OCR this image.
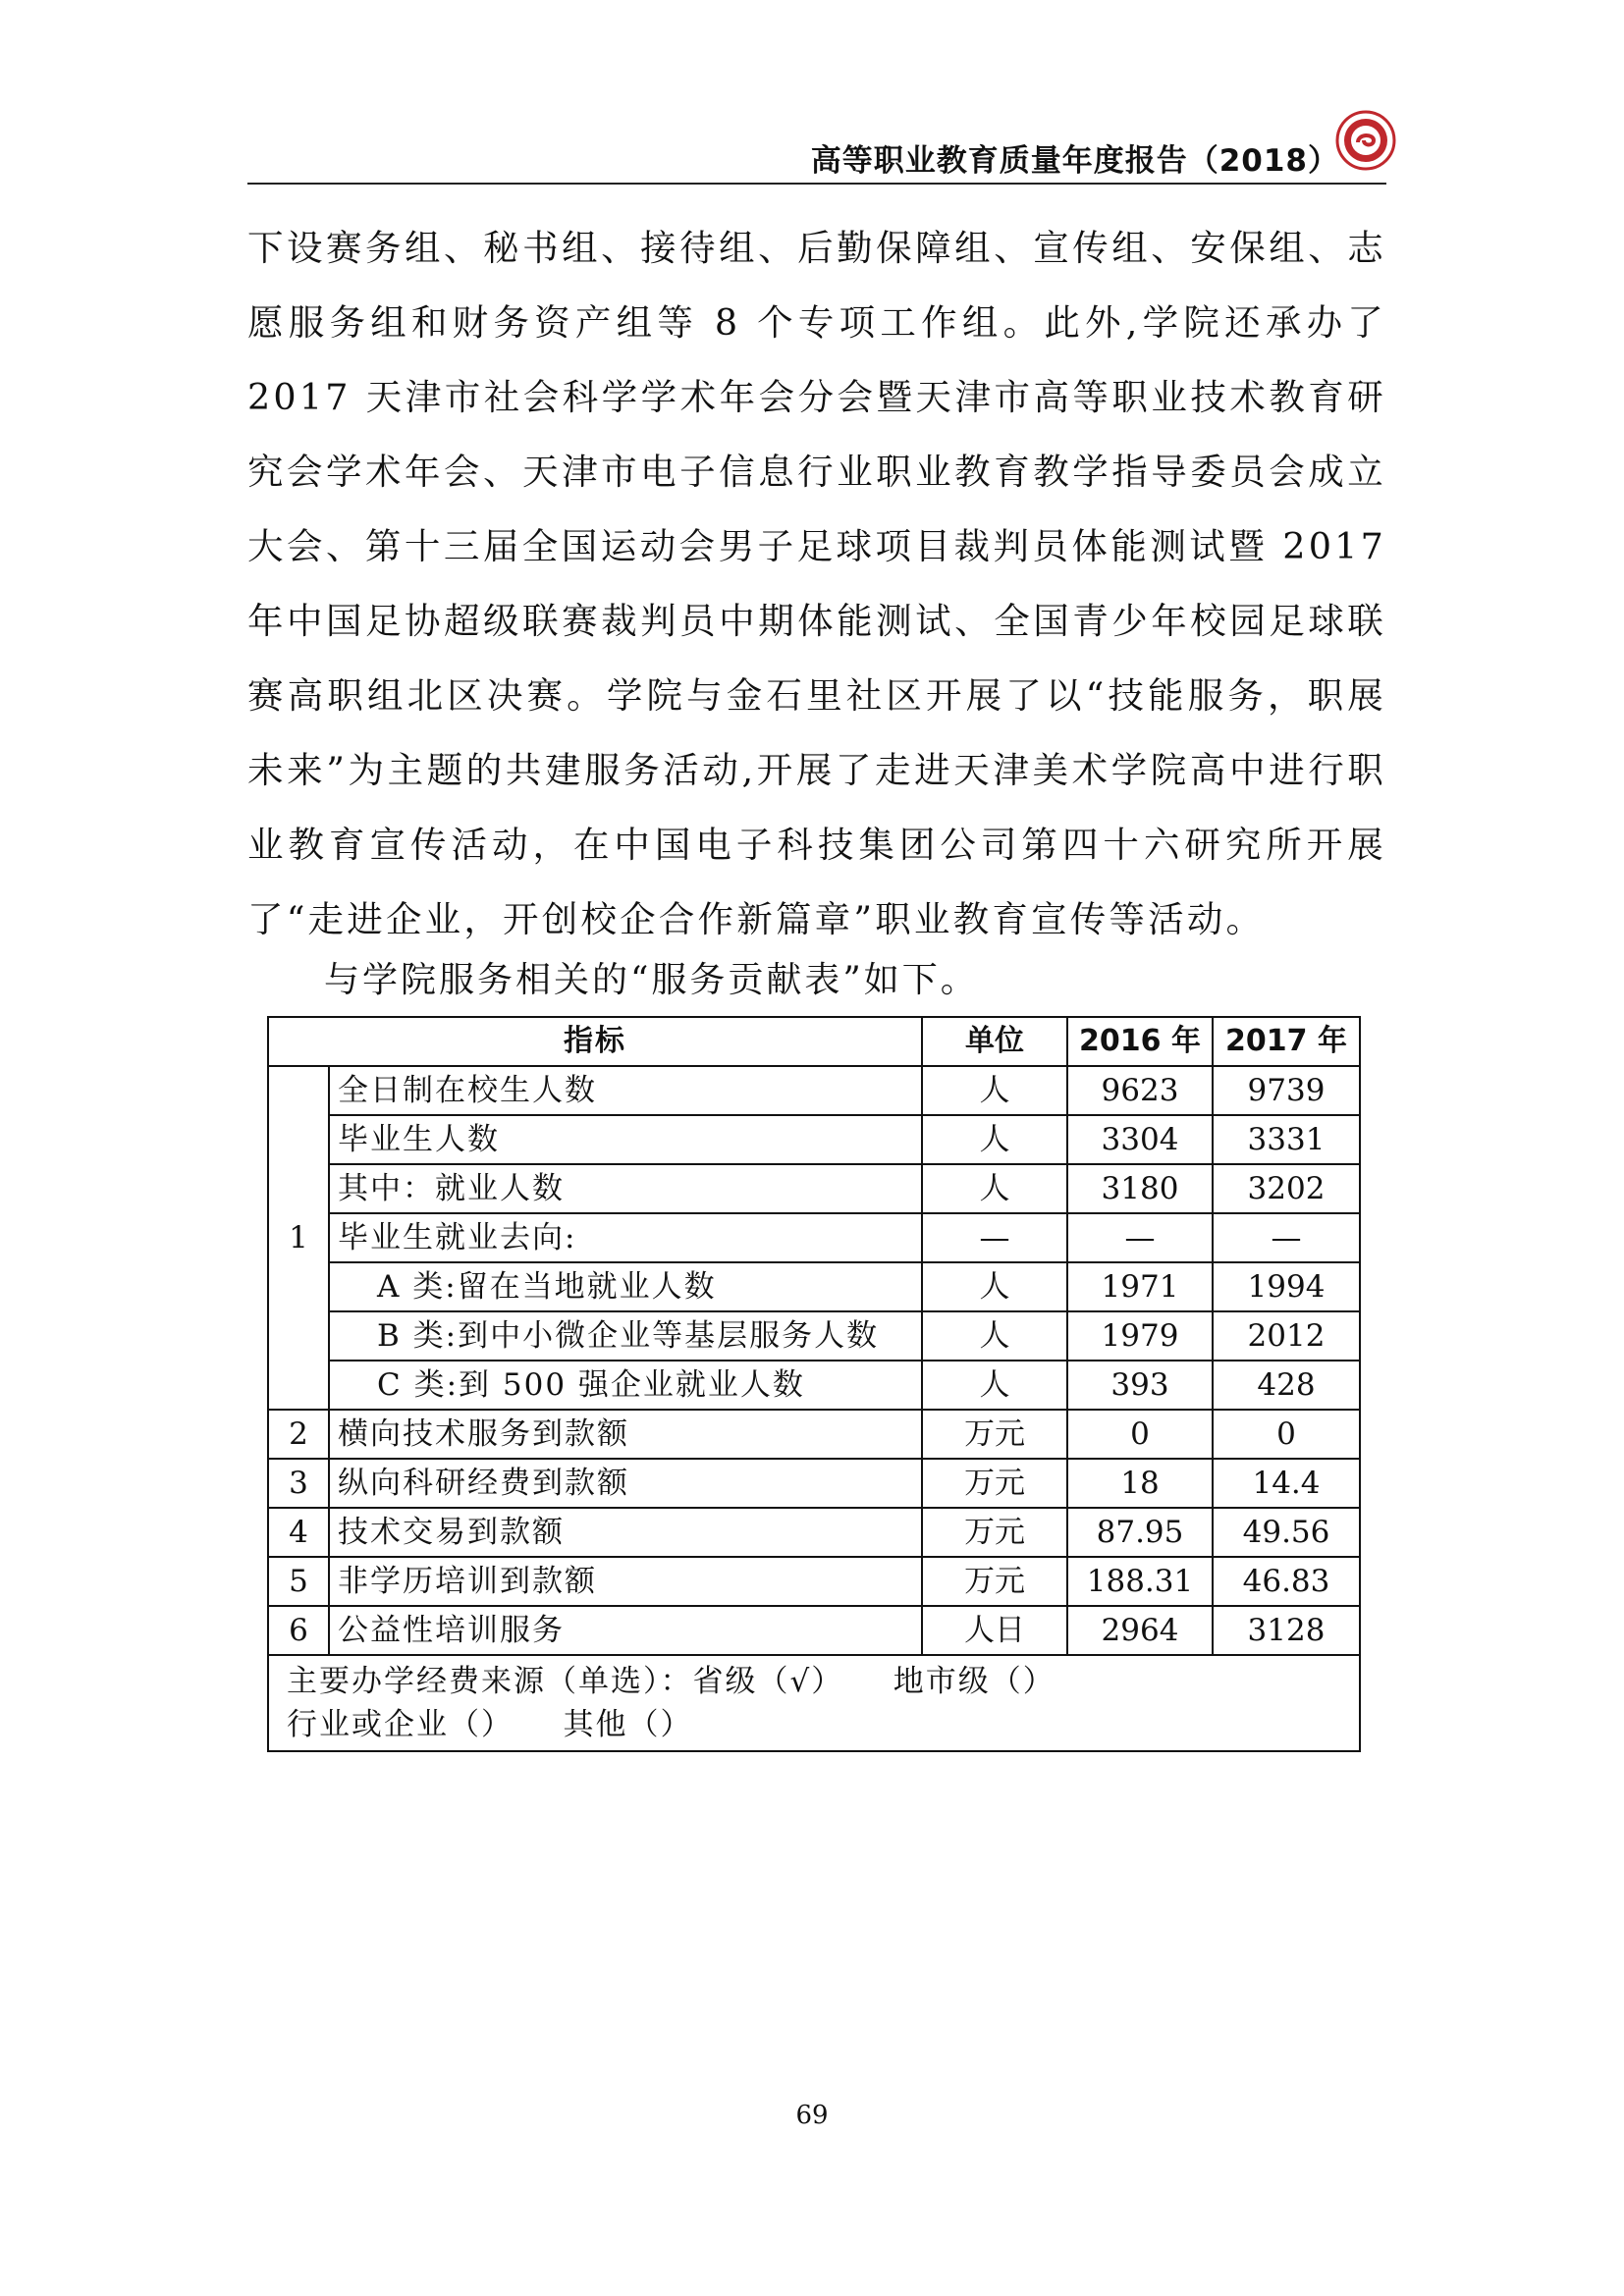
高等职业教育质量年度报告（2018）

下设赛务组、秘书组、接待组、后勤保障组、宣传组、安保组、志愿服务组和财务资产组等 8 个专项工作组。此外,学院还承办了 2017 天津市社会科学学术年会分会暨天津市高等职业技术教育研究会学术年会、天津市电子信息行业职业教育教学指导委员会成立大会、第十三届全国运动会男子足球项目裁判员体能测试暨 2017 年中国足协超级联赛裁判员中期体能测试、全国青少年校园足球联赛高职组北区决赛。学院与金石里社区开展了以“技能服务，职展未来”为主题的共建服务活动,开展了走进天津美术学院高中进行职业教育宣传活动，在中国电子科技集团公司第四十六研究所开展了“走进企业，开创校企合作新篇章”职业教育宣传等活动。

与学院服务相关的“服务贡献表”如下。
指标		单位	2016 年	2017 年
1	全日制在校生人数	人	9623	9739
	毕业生人数	人	3304	3331
	其中：就业人数	人	3180	3202
	毕业生就业去向:	—	—	—
	A 类:留在当地就业人数	人	1971	1994
	B 类:到中小微企业等基层服务人数	人	1979	2012
	C 类:到 500 强企业就业人数	人	393	428
2	横向技术服务到款额	万元	0	0
3	纵向科研经费到款额	万元	18	14.4
4	技术交易到款额	万元	87.95	49.56
5	非学历培训到款额	万元	188.31	46.83
6	公益性培训服务	人日	2964	3128

主要办学经费来源（单选）：省级（√）　　地市级（）
行业或企业（）　　其他（）				
69
